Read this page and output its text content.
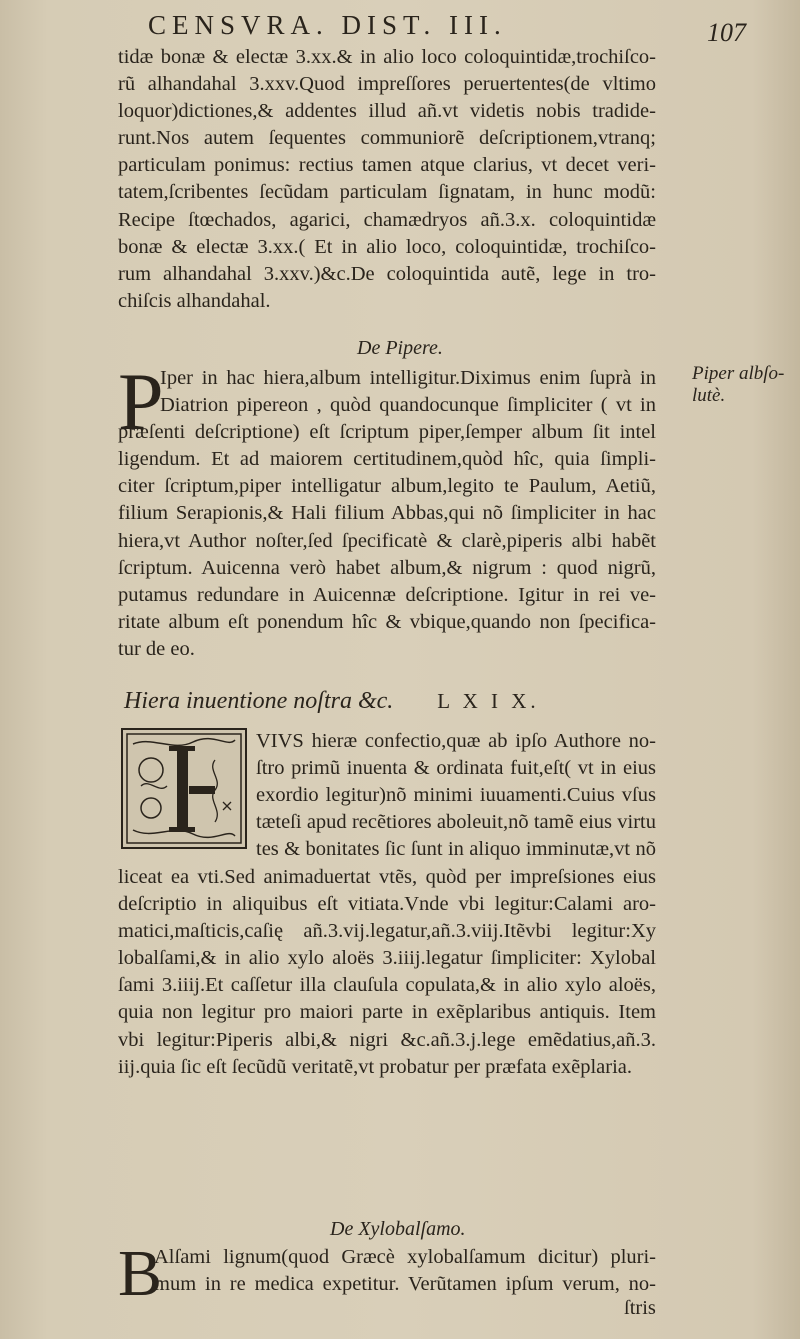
CENSVRA. DIST. III.	107
tidæ bonæ & electæ 3.xx.& in alio loco coloquintidæ,trochiſco-
rũ alhandahal 3.xxv.Quod impreſſores peruertentes(de vltimo
loquor)dictiones,& addentes illud añ.vt videtis nobis tradide-
runt.Nos autem ſequentes communiorẽ deſcriptionem,vtranq;
particulam ponimus: rectius tamen atque clarius, vt decet veri-
tatem,ſcribentes ſecũdam particulam ſignatam, in hunc modũ:
Recipe ſtœchados, agarici, chamædryos añ.3.x. coloquintidæ
bonæ & electæ 3.xx.( Et in alio loco, coloquintidæ, trochiſco-
rum alhandahal 3.xxv.)&c.De coloquintida autẽ, lege in tro-
chiſcis alhandahal.
De Pipere.
P
Iper in hac hiera,album intelligitur.Diximus enim ſuprà in
Diatrion pipereon , quòd quandocunque ſimpliciter ( vt in
præſenti deſcriptione) eſt ſcriptum piper,ſemper album ſit intel
ligendum. Et ad maiorem certitudinem,quòd hîc, quia ſimpli-
citer ſcriptum,piper intelligatur album,legito te Paulum, Aetiũ,
filium Serapionis,& Hali filium Abbas,qui nõ ſimpliciter in hac
hiera,vt Author noſter,ſed ſpecificatè & clarè,piperis albi habẽt
ſcriptum. Auicenna verò habet album,& nigrum : quod nigrũ,
putamus redundare in Auicennæ deſcriptione. Igitur in rei ve-
ritate album eſt ponendum hîc & vbique,quando non ſpecifica-
tur de eo.
Piper albſo- lutè.
Hiera inuentione noſtra &c. L X I X.
VIVS hieræ confectio,quæ ab ipſo Authore no-
ſtro primũ inuenta & ordinata fuit,eſt( vt in eius
exordio legitur)nõ minimi iuuamenti.Cuius vſus
tæteſi apud recẽtiores aboleuit,nõ tamẽ eius virtu
tes & bonitates ſic ſunt in aliquo imminutæ,vt nõ
liceat ea vti.Sed animaduertat vtẽs, quòd per impreſsiones eius
deſcriptio in aliquibus eſt vitiata.Vnde vbi legitur:Calami aro-
matici,maſticis,caſię añ.3.vij.legatur,añ.3.viij.Itẽvbi legitur:Xy
lobalſami,& in alio xylo aloës 3.iiij.legatur ſimpliciter: Xylobal
ſami 3.iiij.Et caſſetur illa clauſula copulata,& in alio xylo aloës,
quia non legitur pro maiori parte in exẽplaribus antiquis. Item
vbi legitur:Piperis albi,& nigri &c.añ.3.j.lege emẽdatius,añ.3.
iij.quia ſic eſt ſecũdũ veritatẽ,vt probatur per præfata exẽplaria.
De Xylobalſamo.
B
Alſami lignum(quod Græcè xylobalſamum dicitur) pluri-
mum in re medica expetitur. Verũtamen ipſum verum, no-
ſtris
